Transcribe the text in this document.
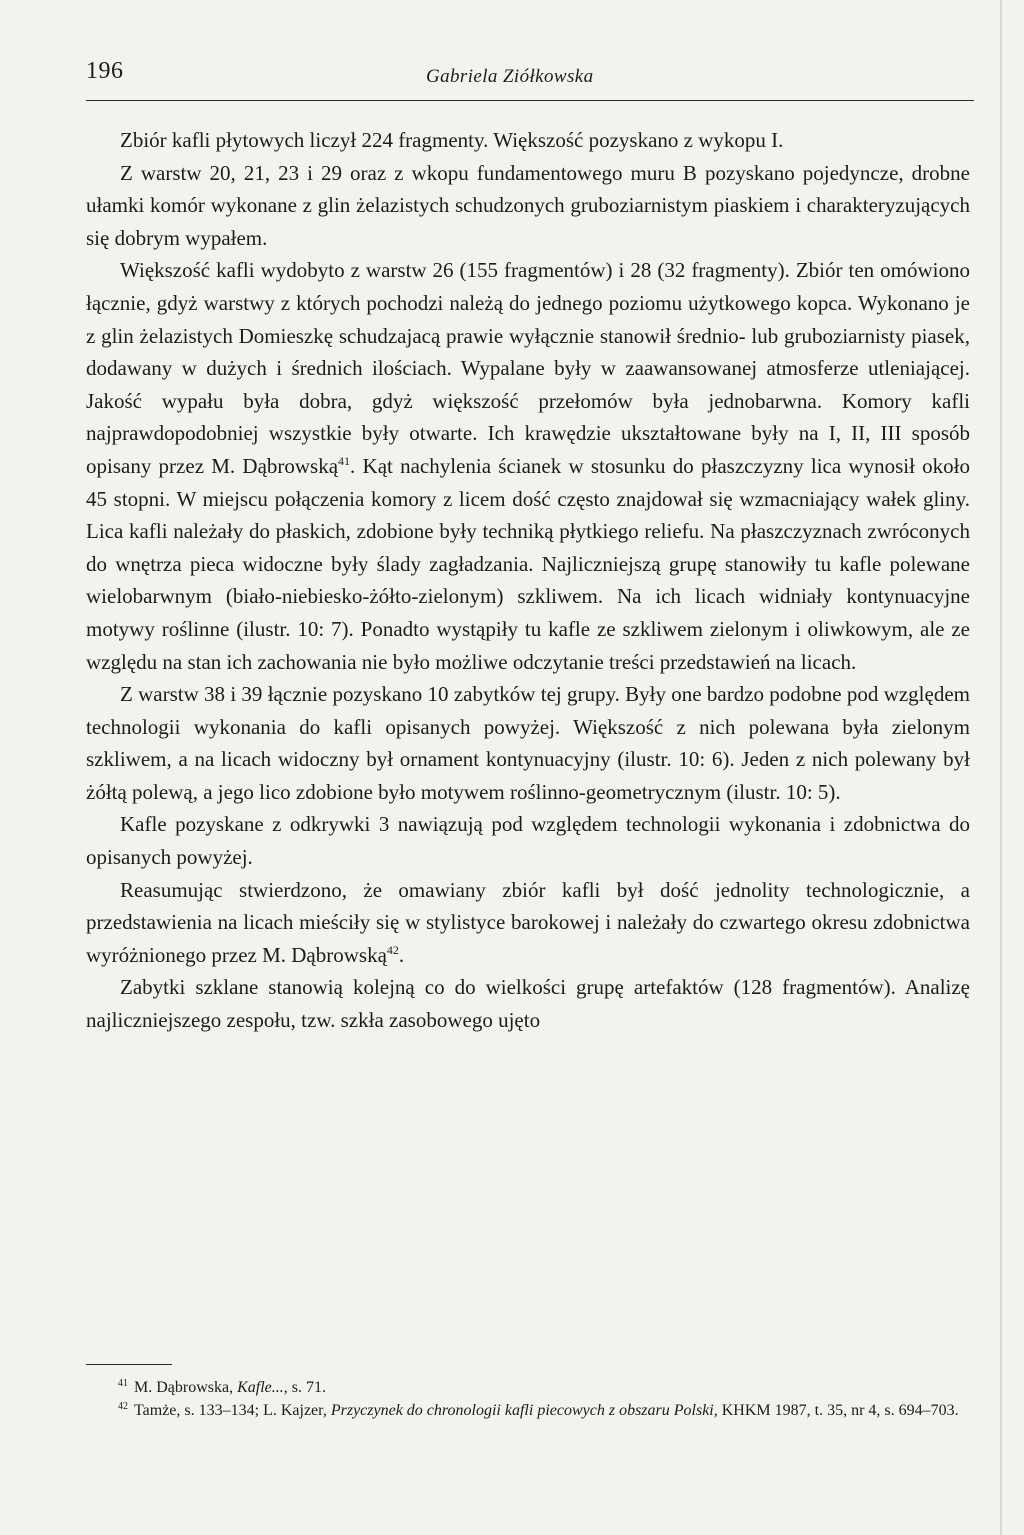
196	Gabriela Ziółkowska

Zbiór kafli płytowych liczył 224 fragmenty. Większość pozyskano z wykopu I.

Z warstw 20, 21, 23 i 29 oraz z wkopu fundamentowego muru B pozyskano pojedyncze, drobne ułamki komór wykonane z glin żelazistych schudzonych gruboziarnistym piaskiem i charakteryzujących się dobrym wypałem.

Większość kafli wydobyto z warstw 26 (155 fragmentów) i 28 (32 fragmenty). Zbiór ten omówiono łącznie, gdyż warstwy z których pochodzi należą do jednego poziomu użytkowego kopca. Wykonano je z glin żelazistych Domieszkę schudzajacą prawie wyłącznie stanowił średnio- lub gruboziarnisty piasek, dodawany w dużych i średnich ilościach. Wypalane były w zaawansowanej atmosferze utleniającej. Jakość wypału była dobra, gdyż większość przełomów była jednobarwna. Komory kafli najprawdopodobniej wszystkie były otwarte. Ich krawędzie ukształtowane były na I, II, III sposób opisany przez M. Dąbrowską$^{41}$. Kąt nachylenia ścianek w stosunku do płaszczyzny lica wynosił około 45 stopni. W miejscu połączenia komory z licem dość często znajdował się wzmacniający wałek gliny. Lica kafli należały do płaskich, zdobione były techniką płytkiego reliefu. Na płaszczyznach zwróconych do wnętrza pieca widoczne były ślady zagładzania. Najliczniejszą grupę stanowiły tu kafle polewane wielobarwnym (biało-niebiesko-żółto-zielonym) szkliwem. Na ich licach widniały kontynuacyjne motywy roślinne (ilustr. 10: 7). Ponadto wystąpiły tu kafle ze szkliwem zielonym i oliwkowym, ale ze względu na stan ich zachowania nie było możliwe odczytanie treści przedstawień na licach.

Z warstw 38 i 39 łącznie pozyskano 10 zabytków tej grupy. Były one bardzo podobne pod względem technologii wykonania do kafli opisanych powyżej. Większość z nich polewana była zielonym szkliwem, a na licach widoczny był ornament kontynuacyjny (ilustr. 10: 6). Jeden z nich polewany był żółtą polewą, a jego lico zdobione było motywem roślinno-geometrycznym (ilustr. 10: 5).

Kafle pozyskane z odkrywki 3 nawiązują pod względem technologii wykonania i zdobnictwa do opisanych powyżej.

Reasumując stwierdzono, że omawiany zbiór kafli był dość jednolity technologicznie, a przedstawienia na licach mieściły się w stylistyce barokowej i należały do czwartego okresu zdobnictwa wyróżnionego przez M. Dąbrowską$^{42}$.

Zabytki szklane stanowią kolejną co do wielkości grupę artefaktów (128 fragmentów). Analizę najliczniejszego zespołu, tzw. szkła zasobowego ujęto

$^{41}$ M. Dąbrowska, Kafle..., s. 71.

$^{42}$ Tamże, s. 133–134; L. Kajzer, Przyczynek do chronologii kafli piecowych z obszaru Polski, KHKM 1987, t. 35, nr 4, s. 694–703.
